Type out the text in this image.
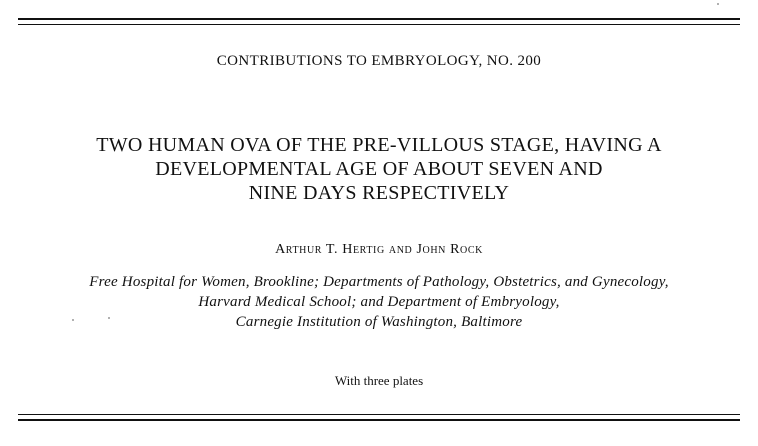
CONTRIBUTIONS TO EMBRYOLOGY, NO. 200
TWO HUMAN OVA OF THE PRE-VILLOUS STAGE, HAVING A
DEVELOPMENTAL AGE OF ABOUT SEVEN AND
NINE DAYS RESPECTIVELY
Arthur T. Hertig and John Rock
Free Hospital for Women, Brookline; Departments of Pathology, Obstetrics, and Gynecology,
Harvard Medical School; and Department of Embryology,
Carnegie Institution of Washington, Baltimore
With three plates
